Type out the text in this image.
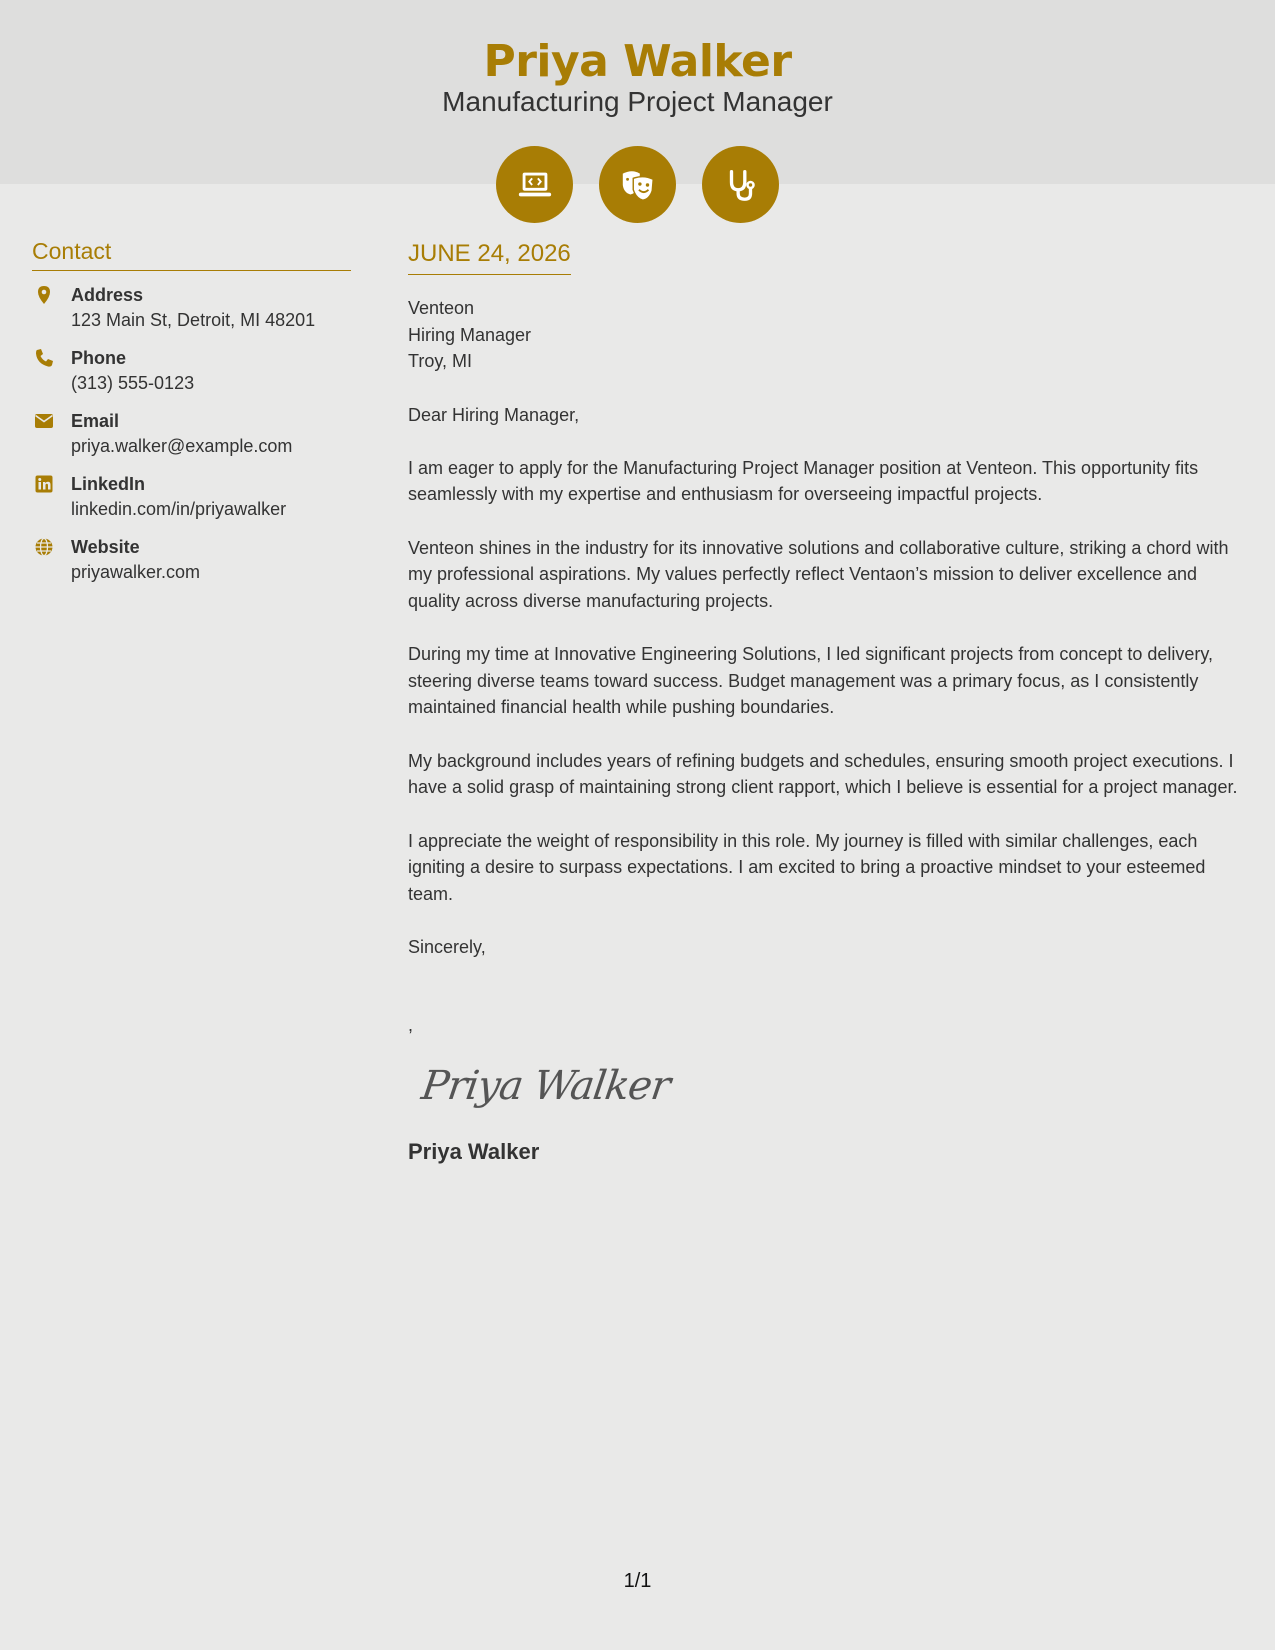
Priya Walker
Manufacturing Project Manager
Contact
Address
123 Main St, Detroit, MI 48201
Phone
(313) 555-0123
Email
priya.walker@example.com
LinkedIn
linkedin.com/in/priyawalker
Website
priyawalker.com
JUNE 24, 2026
Venteon
Hiring Manager
Troy, MI
Dear Hiring Manager,
I am eager to apply for the Manufacturing Project Manager position at Venteon. This opportunity fits seamlessly with my expertise and enthusiasm for overseeing impactful projects.
Venteon shines in the industry for its innovative solutions and collaborative culture, striking a chord with my professional aspirations. My values perfectly reflect Ventaon’s mission to deliver excellence and quality across diverse manufacturing projects.
During my time at Innovative Engineering Solutions, I led significant projects from concept to delivery, steering diverse teams toward success. Budget management was a primary focus, as I consistently maintained financial health while pushing boundaries.
My background includes years of refining budgets and schedules, ensuring smooth project executions. I have a solid grasp of maintaining strong client rapport, which I believe is essential for a project manager.
I appreciate the weight of responsibility in this role. My journey is filled with similar challenges, each igniting a desire to surpass expectations. I am excited to bring a proactive mindset to your esteemed team.
Sincerely,
,
Priya Walker
Priya Walker
1/1
